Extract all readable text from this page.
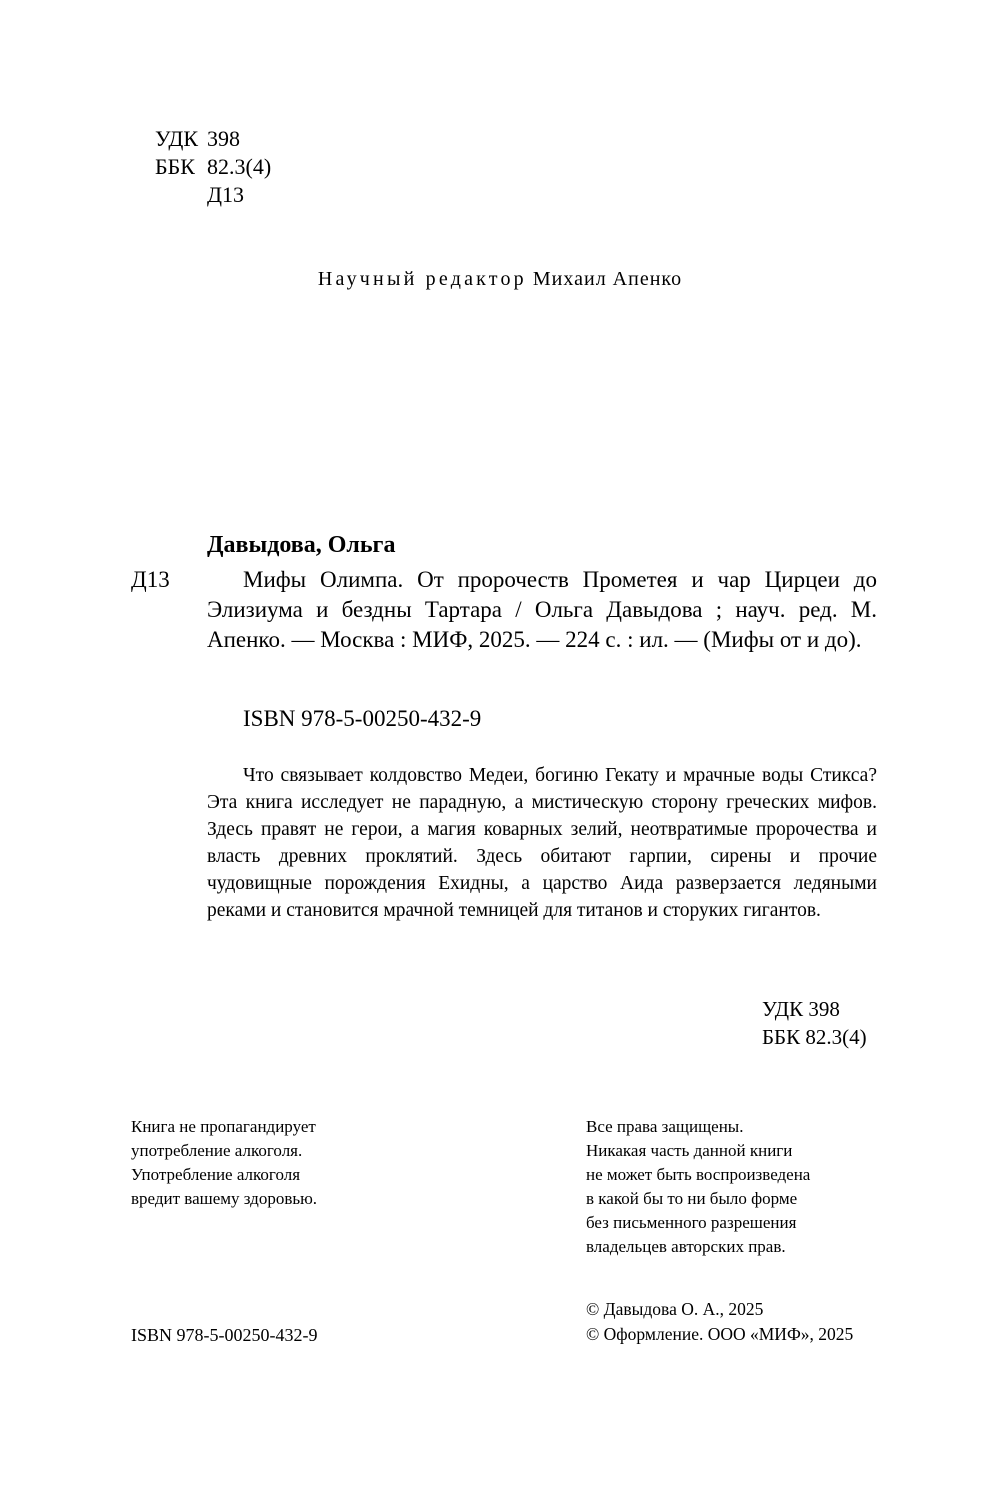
УДК 398
ББК 82.3(4)
Д13
Научный редактор Михаил Апенко
Давыдова, Ольга
Д13	Мифы Олимпа. От пророчеств Прометея и чар Цирцеи до Элизиума и бездны Тартара / Ольга Давыдова ; науч. ред. М. Апенко. — Москва : МИФ, 2025. — 224 с. : ил. — (Мифы от и до).
ISBN 978-5-00250-432-9
Что связывает колдовство Медеи, богиню Гекату и мрачные воды Стикса? Эта книга исследует не парадную, а мистическую сторону греческих мифов. Здесь правят не герои, а магия коварных зелий, неотвратимые пророчества и власть древних проклятий. Здесь обитают гарпии, сирены и прочие чудовищные порождения Ехидны, а царство Аида разверзается ледяными реками и становится мрачной темницей для титанов и сторуких гигантов.
УДК 398
ББК 82.3(4)
Книга не пропагандирует
употребление алкоголя.
Употребление алкоголя
вредит вашему здоровью.
Все права защищены.
Никакая часть данной книги
не может быть воспроизведена
в какой бы то ни было форме
без письменного разрешения
владельцев авторских прав.
ISBN 978-5-00250-432-9
© Давыдова О. А., 2025
© Оформление. ООО «МИФ», 2025
